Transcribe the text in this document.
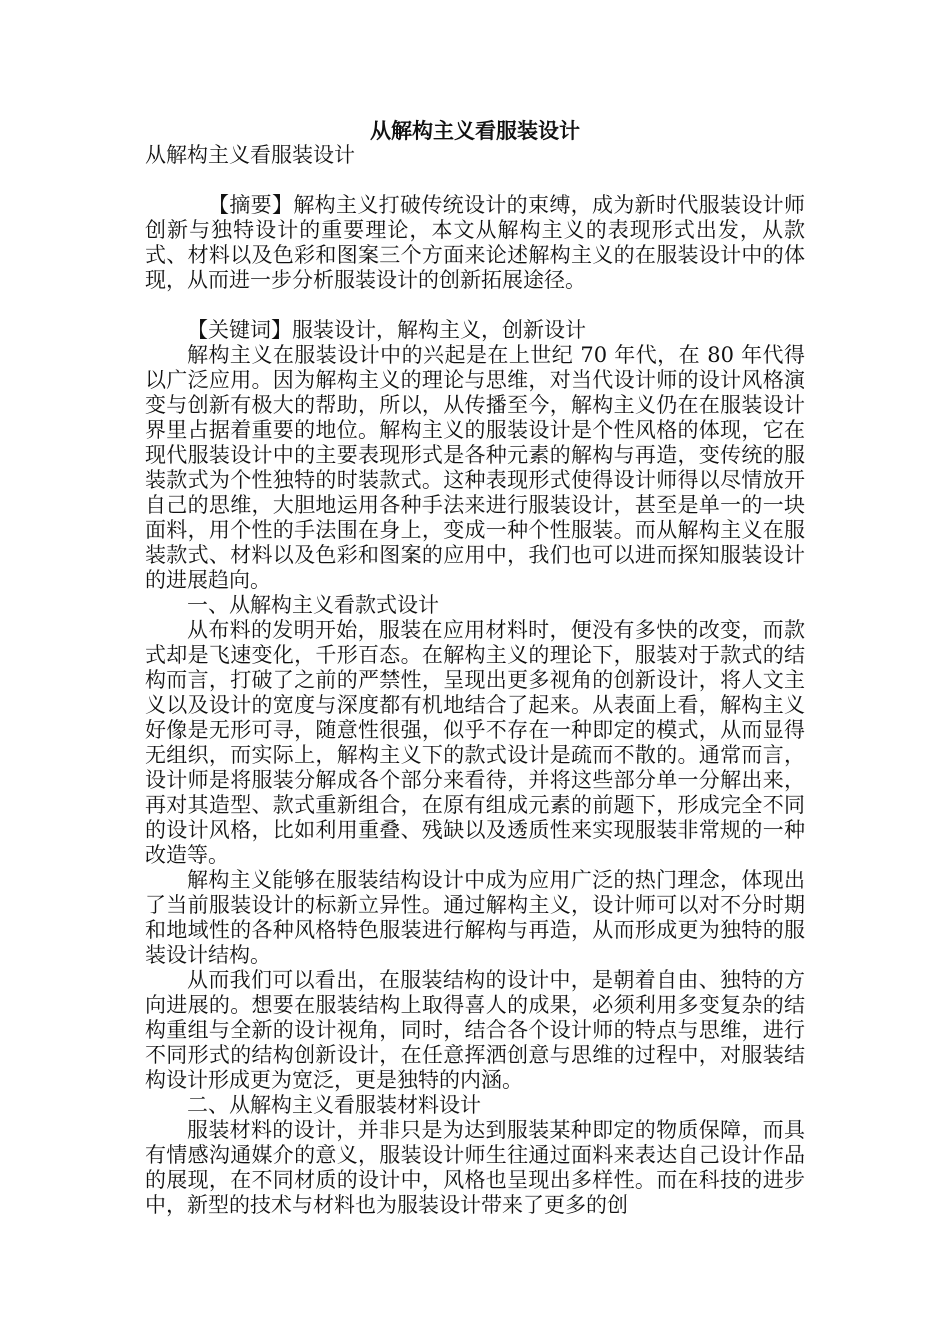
从解构主义看服装设计

从解构主义看服装设计

【摘要】解构主义打破传统设计的束缚，成为新时代服装设计师创新与独特设计的重要理论，本文从解构主义的表现形式出发，从款式、材料以及色彩和图案三个方面来论述解构主义的在服装设计中的体现，从而进一步分析服装设计的创新拓展途径。

【关键词】服装设计，解构主义，创新设计

解构主义在服装设计中的兴起是在上世纪 70 年代，在 80 年代得以广泛应用。因为解构主义的理论与思维，对当代设计师的设计风格演变与创新有极大的帮助，所以，从传播至今，解构主义仍在在服装设计界里占据着重要的地位。解构主义的服装设计是个性风格的体现，它在现代服装设计中的主要表现形式是各种元素的解构与再造，变传统的服装款式为个性独特的时装款式。这种表现形式使得设计师得以尽情放开自己的思维，大胆地运用各种手法来进行服装设计，甚至是单一的一块面料，用个性的手法围在身上，变成一种个性服装。而从解构主义在服装款式、材料以及色彩和图案的应用中，我们也可以进而探知服装设计的进展趋向。

一、从解构主义看款式设计

从布料的发明开始，服装在应用材料时，便没有多快的改变，而款式却是飞速变化，千形百态。在解构主义的理论下，服装对于款式的结构而言，打破了之前的严禁性，呈现出更多视角的创新设计，将人文主义以及设计的宽度与深度都有机地结合了起来。从表面上看，解构主义好像是无形可寻，随意性很强，似乎不存在一种即定的模式，从而显得无组织，而实际上，解构主义下的款式设计是疏而不散的。通常而言，设计师是将服装分解成各个部分来看待，并将这些部分单一分解出来，再对其造型、款式重新组合，在原有组成元素的前题下，形成完全不同的设计风格，比如利用重叠、残缺以及透质性来实现服装非常规的一种改造等。

解构主义能够在服装结构设计中成为应用广泛的热门理念，体现出了当前服装设计的标新立异性。通过解构主义，设计师可以对不分时期和地域性的各种风格特色服装进行解构与再造，从而形成更为独特的服装设计结构。

从而我们可以看出，在服装结构的设计中，是朝着自由、独特的方向进展的。想要在服装结构上取得喜人的成果，必须利用多变复杂的结构重组与全新的设计视角，同时，结合各个设计师的特点与思维，进行不同形式的结构创新设计，在任意挥洒创意与思维的过程中，对服装结构设计形成更为宽泛，更是独特的内涵。

二、从解构主义看服装材料设计

服装材料的设计，并非只是为达到服装某种即定的物质保障，而具有情感沟通媒介的意义，服装设计师生往通过面料来表达自己设计作品的展现，在不同材质的设计中，风格也呈现出多样性。而在科技的进步中，新型的技术与材料也为服装设计带来了更多的创
